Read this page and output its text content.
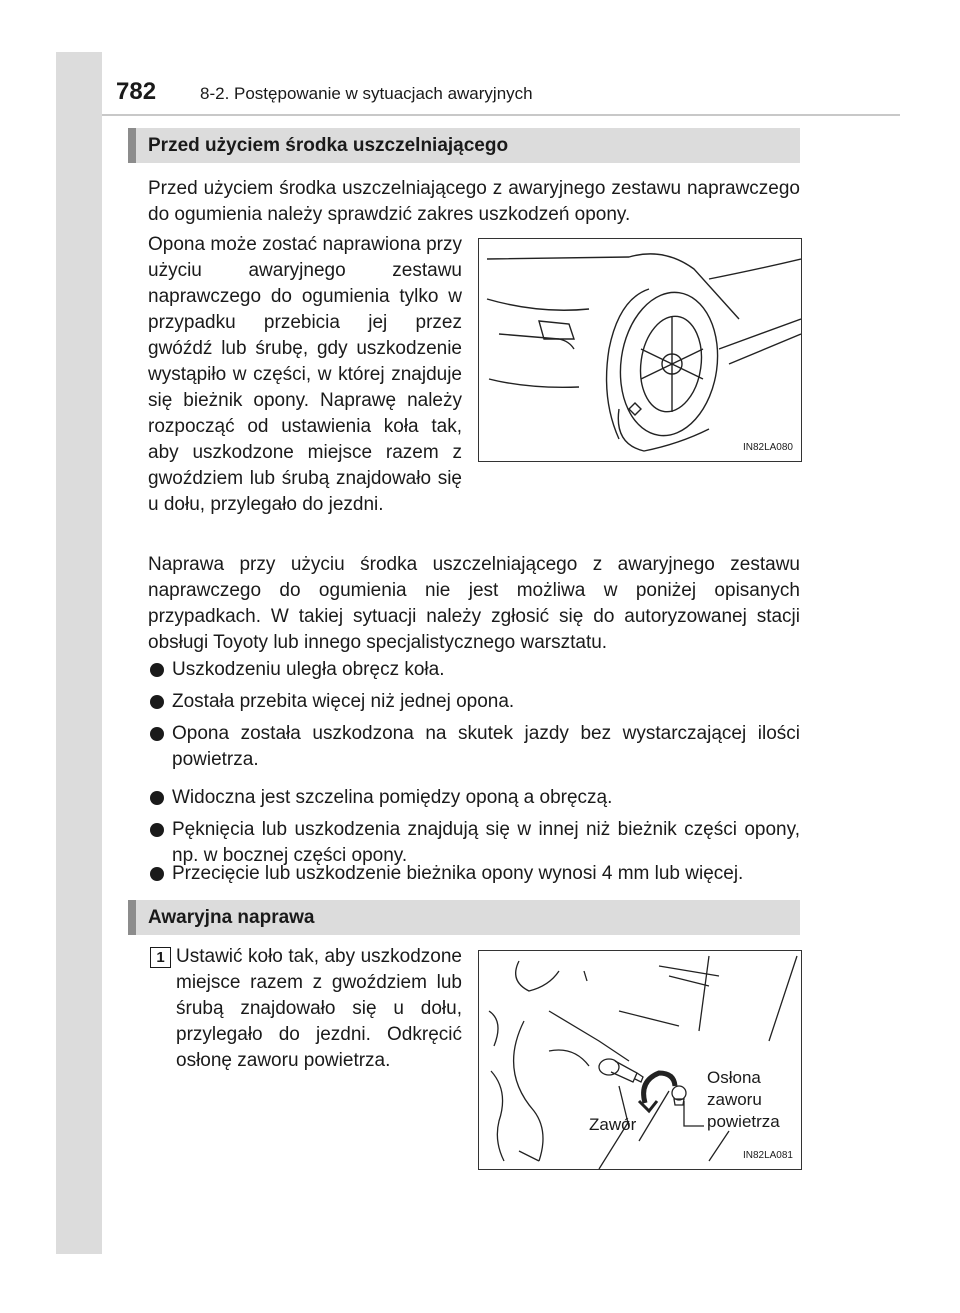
782	8-2. Postępowanie w sytuacjach awaryjnych
Przed użyciem środka uszczelniającego
Przed użyciem środka uszczelniającego z awaryjnego zestawu naprawczego do ogumienia należy sprawdzić zakres uszkodzeń opony.
Opona może zostać naprawiona przy użyciu awaryjnego zestawu naprawczego do ogumienia tylko w przypadku przebicia jej przez gwóźdź lub śrubę, gdy uszkodzenie wystąpiło w części, w której znajduje się bieżnik opony. Naprawę należy rozpocząć od ustawienia koła tak, aby uszkodzone miejsce razem z gwoździem lub śrubą znajdowało się u dołu, przylegało do jezdni.
IN82LA080
Naprawa przy użyciu środka uszczelniającego z awaryjnego zestawu naprawczego do ogumienia nie jest możliwa w poniżej opisanych przypadkach. W takiej sytuacji należy zgłosić się do autoryzowanej stacji obsługi Toyoty lub innego specjalistycznego warsztatu.
Uszkodzeniu uległa obręcz koła.
Została przebita więcej niż jednej opona.
Opona została uszkodzona na skutek jazdy bez wystarczającej ilości powietrza.
Widoczna jest szczelina pomiędzy oponą a obręczą.
Pęknięcia lub uszkodzenia znajdują się w innej niż bieżnik części opony, np. w bocznej części opony.
Przecięcie lub uszkodzenie bieżnika opony wynosi 4 mm lub więcej.
Awaryjna naprawa
1 Ustawić koło tak, aby uszkodzone miejsce razem z gwoździem lub śrubą znajdowało się u dołu, przylegało do jezdni. Odkręcić osłonę zaworu powietrza.
Zawór
Osłona
zaworu
powietrza
IN82LA081
